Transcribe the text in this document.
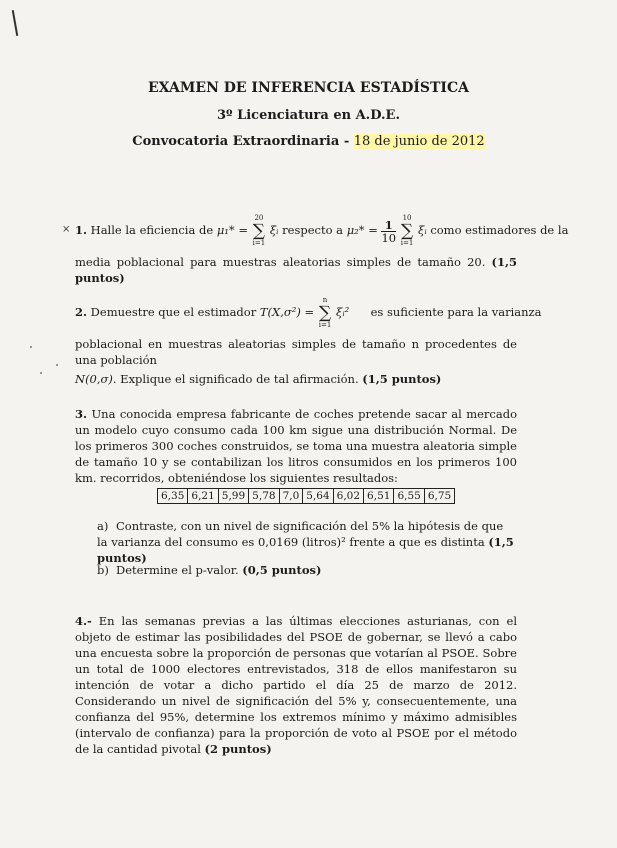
EXAMEN DE INFERENCIA ESTADÍSTICA
3º Licenciatura en A.D.E.
Convocatoria Extraordinaria - 18 de junio de 2012
× 1. Halle la eficiencia de μ₁* =
20
∑
i=1
ξᵢ respecto a $\mu_2* = \frac{1}{10}$

10
∑
i=1
ξᵢ como estimadores de la
media poblacional para muestras aleatorias simples de tamaño 20. (1,5 puntos)
2. Demuestre que el estimador T(X,σ²) =
n
∑
i=1
ξᵢ² es suficiente para la varianza
poblacional en muestras aleatorias simples de tamaño n procedentes de una población
N(0,σ). Explique el significado de tal afirmación. (1,5 puntos)
3. Una conocida empresa fabricante de coches pretende sacar al mercado un modelo cuyo consumo cada 100 km sigue una distribución Normal. De los primeros 300 coches construidos, se toma una muestra aleatoria simple de tamaño 10 y se contabilizan los litros consumidos en los primeros 100 km. recorridos, obteniéndose los siguientes resultados:
6,35	6,21	5,99	5,78	7,0	5,64	6,02	6,51	6,55	6,75
a) Contraste, con un nivel de significación del 5% la hipótesis de que la varianza del consumo es 0,0169 (litros)² frente a que es distinta (1,5 puntos)
b) Determine el p-valor. (0,5 puntos)
4.- En las semanas previas a las últimas elecciones asturianas, con el objeto de estimar las posibilidades del PSOE de gobernar, se llevó a cabo una encuesta sobre la proporción de personas que votarían al PSOE. Sobre un total de 1000 electores entrevistados, 318 de ellos manifestaron su intención de votar a dicho partido el día 25 de marzo de 2012. Considerando un nivel de significación del 5% y, consecuentemente, una confianza del 95%, determine los extremos mínimo y máximo admisibles (intervalo de confianza) para la proporción de voto al PSOE por el método de la cantidad pivotal (2 puntos)
